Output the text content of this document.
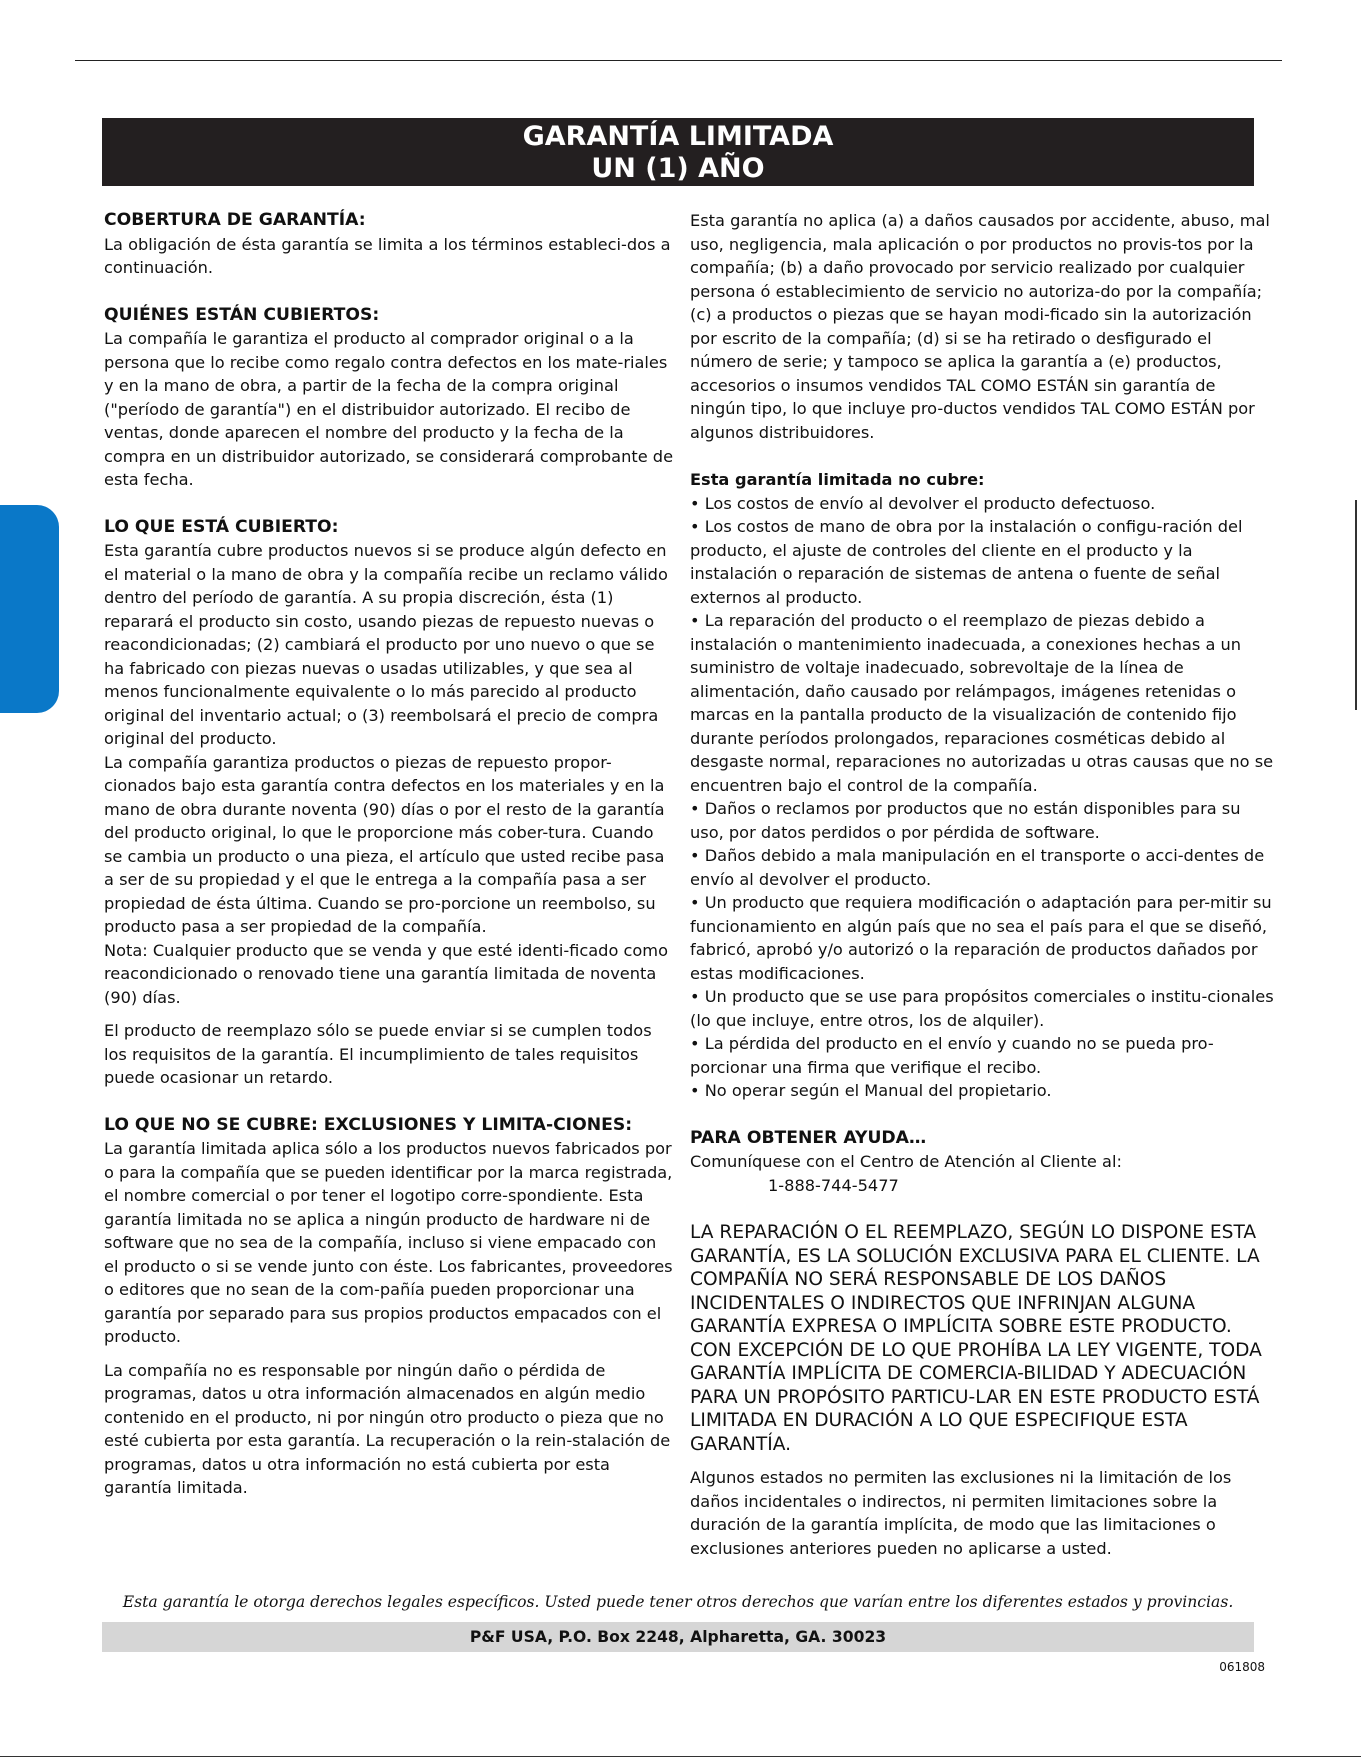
GARANTÍA LIMITADA
UN (1) AÑO
COBERTURA DE GARANTÍA:

La obligación de ésta garantía se limita a los términos estableci-dos a continuación.

QUIÉNES ESTÁN CUBIERTOS:

La compañía le garantiza el producto al comprador original o a la persona que lo recibe como regalo contra defectos en los mate-riales y en la mano de obra, a partir de la fecha de la compra original ("período de garantía") en el distribuidor autorizado. El recibo de ventas, donde aparecen el nombre del producto y la fecha de la compra en un distribuidor autorizado, se considerará comprobante de esta fecha.

LO QUE ESTÁ CUBIERTO:

Esta garantía cubre productos nuevos si se produce algún defecto en el material o la mano de obra y la compañía recibe un reclamo válido dentro del período de garantía. A su propia discreción, ésta (1) reparará el producto sin costo, usando piezas de repuesto nuevas o reacondicionadas; (2) cambiará el producto por uno nuevo o que se ha fabricado con piezas nuevas o usadas utilizables, y que sea al menos funcionalmente equivalente o lo más parecido al producto original del inventario actual; o (3) reembolsará el precio de compra original del producto.

La compañía garantiza productos o piezas de repuesto propor-cionados bajo esta garantía contra defectos en los materiales y en la mano de obra durante noventa (90) días o por el resto de la garantía del producto original, lo que le proporcione más cober-tura. Cuando se cambia un producto o una pieza, el artículo que usted recibe pasa a ser de su propiedad y el que le entrega a la compañía pasa a ser propiedad de ésta última. Cuando se pro-porcione un reembolso, su producto pasa a ser propiedad de la compañía.

Nota: Cualquier producto que se venda y que esté identi-ficado como reacondicionado o renovado tiene una garantía limitada de noventa (90) días.

El producto de reemplazo sólo se puede enviar si se cumplen todos los requisitos de la garantía. El incumplimiento de tales requisitos puede ocasionar un retardo.

LO QUE NO SE CUBRE: EXCLUSIONES Y LIMITA-CIONES:

La garantía limitada aplica sólo a los productos nuevos fabricados por o para la compañía que se pueden identificar por la marca registrada, el nombre comercial o por tener el logotipo corre-spondiente. Esta garantía limitada no se aplica a ningún producto de hardware ni de software que no sea de la compañía, incluso si viene empacado con el producto o si se vende junto con éste. Los fabricantes, proveedores o editores que no sean de la com-pañía pueden proporcionar una garantía por separado para sus propios productos empacados con el producto.

La compañía no es responsable por ningún daño o pérdida de programas, datos u otra información almacenados en algún medio contenido en el producto, ni por ningún otro producto o pieza que no esté cubierta por esta garantía. La recuperación o la rein-stalación de programas, datos u otra información no está cubierta por esta garantía limitada.

Esta garantía no aplica (a) a daños causados por accidente, abuso, mal uso, negligencia, mala aplicación o por productos no provis-tos por la compañía; (b) a daño provocado por servicio realizado por cualquier persona ó establecimiento de servicio no autoriza-do por la compañía; (c) a productos o piezas que se hayan modi-ficado sin la autorización por escrito de la compañía; (d) si se ha retirado o desfigurado el número de serie; y tampoco se aplica la garantía a (e) productos, accesorios o insumos vendidos TAL COMO ESTÁN sin garantía de ningún tipo, lo que incluye pro-ductos vendidos TAL COMO ESTÁN por algunos distribuidores.

Esta garantía limitada no cubre:

• Los costos de envío al devolver el producto defectuoso.

• Los costos de mano de obra por la instalación o configu-ración del producto, el ajuste de controles del cliente en el producto y la instalación o reparación de sistemas de antena o fuente de señal externos al producto.

• La reparación del producto o el reemplazo de piezas debido a instalación o mantenimiento inadecuada, a conexiones hechas a un suministro de voltaje inadecuado, sobrevoltaje de la línea de alimentación, daño causado por relámpagos, imágenes retenidas o marcas en la pantalla producto de la visualización de contenido fijo durante períodos prolongados, reparaciones cosméticas debido al desgaste normal, reparaciones no autorizadas u otras causas que no se encuentren bajo el control de la compañía.

• Daños o reclamos por productos que no están disponibles para su uso, por datos perdidos o por pérdida de software.

• Daños debido a mala manipulación en el transporte o acci-dentes de envío al devolver el producto.

• Un producto que requiera modificación o adaptación para per-mitir su funcionamiento en algún país que no sea el país para el que se diseñó, fabricó, aprobó y/o autorizó o la reparación de productos dañados por estas modificaciones.

• Un producto que se use para propósitos comerciales o institu-cionales (lo que incluye, entre otros, los de alquiler).

• La pérdida del producto en el envío y cuando no se pueda pro-porcionar una firma que verifique el recibo.

• No operar según el Manual del propietario.

PARA OBTENER AYUDA…

Comuníquese con el Centro de Atención al Cliente al:

1-888-744-5477

LA REPARACIÓN O EL REEMPLAZO, SEGÚN LO DISPONE ESTA GARANTÍA, ES LA SOLUCIÓN EXCLUSIVA PARA EL CLIENTE. LA COMPAÑÍA NO SERÁ RESPONSABLE DE LOS DAÑOS INCIDENTALES O INDIRECTOS QUE INFRINJAN ALGUNA GARANTÍA EXPRESA O IMPLÍCITA SOBRE ESTE PRODUCTO. CON EXCEPCIÓN DE LO QUE PROHÍBA LA LEY VIGENTE, TODA GARANTÍA IMPLÍCITA DE COMERCIA-BILIDAD Y ADECUACIÓN PARA UN PROPÓSITO PARTICU-LAR EN ESTE PRODUCTO ESTÁ LIMITADA EN DURACIÓN A LO QUE ESPECIFIQUE ESTA GARANTÍA.

Algunos estados no permiten las exclusiones ni la limitación de los daños incidentales o indirectos, ni permiten limitaciones sobre la duración de la garantía implícita, de modo que las limitaciones o exclusiones anteriores pueden no aplicarse a usted.

Esta garantía le otorga derechos legales específicos. Usted puede tener otros derechos que varían entre los diferentes estados y provincias.
P&F USA, P.O. Box 2248, Alpharetta, GA. 30023
061808
